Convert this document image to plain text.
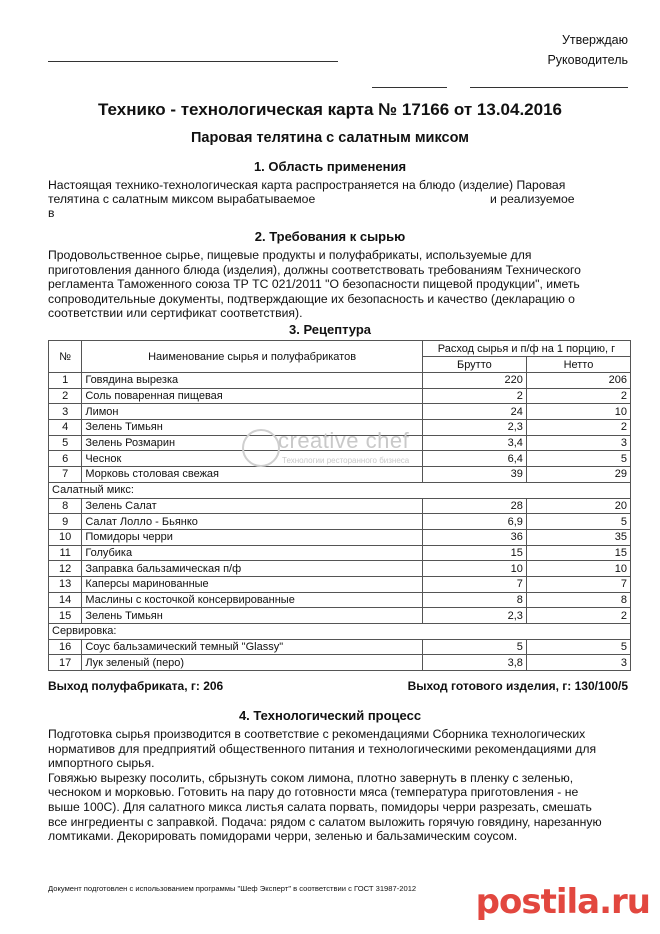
Утверждаю
Руководитель
Технико - технологическая карта № 17166 от 13.04.2016
Паровая телятина с салатным миксом
1. Область применения
Настоящая технико-технологическая карта распространяется на блюдо (изделие) Паровая
телятина с салатным миксом вырабатываемое	и реализуемое
в
2. Требования к сырью
Продовольственное сырье, пищевые продукты и полуфабрикаты, используемые для
приготовления данного блюда (изделия), должны соответствовать требованиям Технического
регламента Таможенного союза ТР ТС 021/2011 "О безопасности пищевой продукции", иметь
сопроводительные документы, подтверждающие их безопасность и качество (декларацию о
соответствии или сертификат соответствия).
3. Рецептура
№	Наименование сырья и полуфабрикатов	Расход сырья и п/ф на 1 порцию, г	
		Брутто	Нетто
1	Говядина вырезка	220	206
2	Соль поваренная пищевая	2	2
3	Лимон	24	10
4	Зелень Тимьян	2,3	2
5	Зелень Розмарин	3,4	3
6	Чеснок	6,4	5
7	Морковь столовая свежая	39	29
Салатный микс:			
8	Зелень Салат	28	20
9	Салат Лолло - Бьянко	6,9	5
10	Помидоры черри	36	35
11	Голубика	15	15
12	Заправка бальзамическая п/ф	10	10
13	Каперсы маринованные	7	7
14	Маслины с косточкой консервированные	8	8
15	Зелень Тимьян	2,3	2
Сервировка:			
16	Соус бальзамический темный "Glassy"	5	5
17	Лук зеленый (перо)	3,8	3
creative chef
Технологии ресторанного бизнеса
Выход полуфабриката, г: 206	Выход готового изделия, г: 130/100/5
4. Технологический процесс
Подготовка сырья производится в соответствие с рекомендациями Сборника технологических
нормативов для предприятий общественного питания и технологическими рекомендациями для
импортного сырья.
Говяжью вырезку посолить, сбрызнуть соком лимона, плотно завернуть в пленку с зеленью,
чесноком и морковью. Готовить на пару до готовности мяса (температура приготовления - не
выше 100С). Для салатного микса листья салата порвать, помидоры черри разрезать, смешать
все ингредиенты с заправкой. Подача: рядом с салатом выложить горячую говядину, нарезанную
ломтиками. Декорировать помидорами черри, зеленью и бальзамическим соусом.
Документ подготовлен с использованием программы "Шеф Эксперт" в соответствии с ГОСТ 31987-2012 postila.ru
